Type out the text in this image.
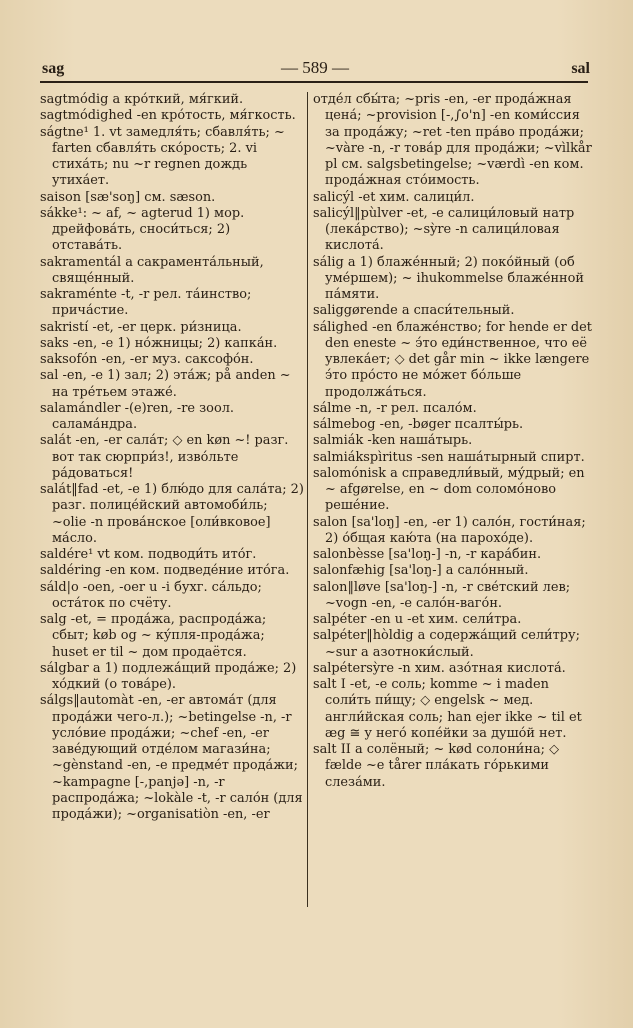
sag	— 589 —	sal

sagtmódig a кро́ткий, мя́гкий.

sagtmódighed -en кро́тость, мя́гкость.

ságtne¹ 1. vt замедля́ть; сбавля́ть; ~ farten сбавля́ть ско́рость; 2. vi стиха́ть; nu ~r regnen дождь утиха́ет.

saison [sæ'soŋ] см. sæson.

sákke¹: ~ af, ~ agterud 1) мор. дрейфова́ть, сноси́ться; 2) отстава́ть.

sakramentál a сакрамента́льный, свяще́нный.

sakraménte -t, -r рел. та́инство; прича́стие.

sakristí -et, -er церк. ри́зница.

saks -en, -e 1) но́жницы; 2) капка́н.

saksofón -en, -er муз. саксофо́н.

sal -en, -e 1) зал; 2) эта́ж; på anden ~ на тре́тьем этаже́.

salamándler -(e)ren, -re зоол. салама́ндра.

salát -en, -er сала́т; ◇ en køn ~! разг. вот так сюрпри́з!, изво́льте ра́доваться!

salát‖fad -et, -e 1) блю́до для сала́та; 2) разг. полице́йский автомоби́ль; ~olie -n прова́нское [оли́вковое] ма́сло.

saldére¹ vt ком. подводи́ть ито́г.

saldéring -en ком. подведе́ние ито́га.

sáld|o -oen, -oer u -i бухг. са́льдо; оста́ток по счёту.

salg -et, = прода́жа, распрода́жа; сбыт; køb og ~ ку́пля-прода́жа; huset er til ~ дом продаётся.

sálgbar a 1) подлежа́щий прода́же; 2) хо́дкий (о това́ре).

sálgs‖automàt -en, -er автома́т (для прода́жи чего-л.); ~betingelse -n, -r усло́вие прода́жи; ~chef -en, -er заве́дующий отде́лом магази́на; ~gènstand -en, -e предме́т прода́жи; ~kampagne [-,panjə] -n, -r распрода́жа; ~lokàle -t, -r сало́н (для прода́жи); ~organisatiòn -en, -er

отде́л сбы́та; ~pris -en, -er продáжная цена́; ~provision [-,∫o'n] -en коми́ссия за прода́жу; ~ret -ten пра́во прода́жи; ~vàre -n, -r това́р для прода́жи; ~vìlkår pl см. salgsbetingelse; ~værdì -en ком. прода́жная сто́имость.

salicýl -et хим. салици́л.

salicýl‖pùlver -et, -e салици́ловый натр (лека́рство); ~sỳre -n салици́ловая кислота́.

sálig a 1) блаже́нный; 2) поко́йный (об уме́ршем); ~ ihukommelse блаже́нной па́мяти.

saliggørende a спаси́тельный.

sálighed -en блаже́нство; for hende er det den eneste ~ э́то еди́нственное, что её увлека́ет; ◇ det går min ~ ikke længere э́то про́сто не мо́жет бо́льше продолжа́ться.

sálme -n, -r рел. псало́м.

sálmebog -en, -bøger псалты́рь.

salmiák -ken наша́тырь.

salmiákspìritus -sen наша́тырный спирт.

salomónisk a справедли́вый, му́дрый; en ~ afgørelse, en ~ dom соломо́ново реше́ние.

salon [sa'loŋ] -en, -er 1) сало́н, гости́ная; 2) о́бщая каю́та (на парохо́де).

salonbèsse [sa'loŋ-] -n, -r кара́бин.

salonfæhig [sa'loŋ-] a сало́нный.

salon‖løve [sa'loŋ-] -n, -r све́тский лев; ~vogn -en, -e сало́н-ваго́н.

salpéter -en u -et хим. сели́тра.

salpéter‖hòldig a содержа́щий сели́тру; ~sur a азотноки́слый.

salpétersỳre -n хим. азо́тная кислота́.

salt I -et, -e соль; komme ~ i maden соли́ть пи́щу; ◇ engelsk ~ мед. англи́йская соль; han ejer ikke ~ til et æg ≅ у него́ копе́йки за душо́й нет.

salt II a солёный; ~ kød солони́на; ◇ fælde ~e tårer пла́кать го́рькими слеза́ми.
